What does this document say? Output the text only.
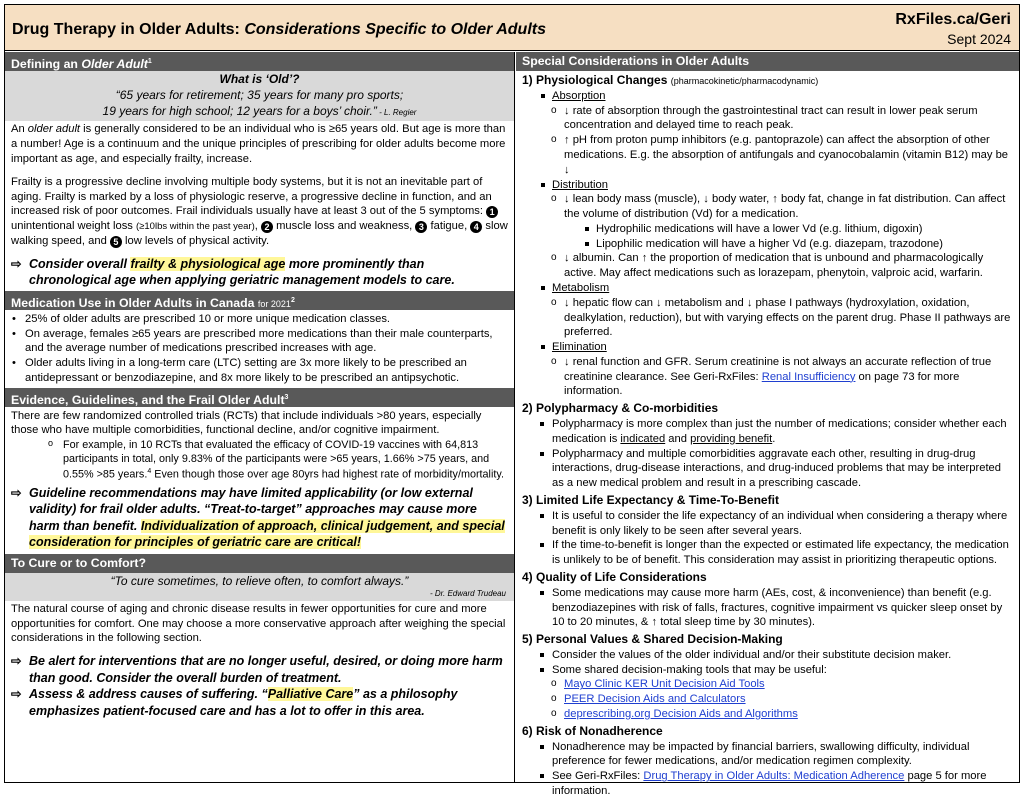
Drug Therapy in Older Adults: Considerations Specific to Older Adults
RxFiles.ca/Geri
Sept 2024
Defining an Older Adult$^1$
What is ‘Old’?
“65 years for retirement; 35 years for many pro sports;
19 years for high school; 12 years for a boys’ choir.” - L. Regier
An older adult is generally considered to be an individual who is ≥65 years old. But age is more than a number! Age is a continuum and the unique principles of prescribing for older adults become more important as age, and especially frailty, increase.
Frailty is a progressive decline involving multiple body systems, but it is not an inevitable part of aging. Frailty is marked by a loss of physiologic reserve, a progressive decline in function, and an increased risk of poor outcomes. Frail individuals usually have at least 3 out of the 5 symptoms: 1 unintentional weight loss (≥10lbs within the past year), 2 muscle loss and weakness, 3 fatigue, 4 slow walking speed, and 5 low levels of physical activity.
⇨ Consider overall frailty & physiological age more prominently than chronological age when applying geriatric management models to care.
Medication Use in Older Adults in Canada for 2021$^2$
• 25% of older adults are prescribed 10 or more unique medication classes.
• On average, females ≥65 years are prescribed more medications than their male counterparts, and the average number of medications prescribed increases with age.
• Older adults living in a long-term care (LTC) setting are 3x more likely to be prescribed an antidepressant or benzodiazepine, and 8x more likely to be prescribed an antipsychotic.
Evidence, Guidelines, and the Frail Older Adult$^3$
There are few randomized controlled trials (RCTs) that include individuals >80 years, especially those who have multiple comorbidities, functional decline, and/or cognitive impairment.
o For example, in 10 RCTs that evaluated the efficacy of COVID-19 vaccines with 64,813 participants in total, only 9.83% of the participants were >65 years, 1.66% >75 years, and 0.55% >85 years.$^4$ Even though those over age 80yrs had highest rate of morbidity/mortality.
⇨ Guideline recommendations may have limited applicability (or low external validity) for frail older adults. “Treat-to-target” approaches may cause more harm than benefit. Individualization of approach, clinical judgement, and special consideration for principles of geriatric care are critical!
To Cure or to Comfort?
“To cure sometimes, to relieve often, to comfort always.”
- Dr. Edward Trudeau
The natural course of aging and chronic disease results in fewer opportunities for cure and more opportunities for comfort. One may choose a more conservative approach after weighing the special considerations in the following section.
⇨ Be alert for interventions that are no longer useful, desired, or doing more harm than good. Consider the overall burden of treatment.
⇨ Assess & address causes of suffering. “Palliative Care” as a philosophy emphasizes patient-focused care and has a lot to offer in this area.
Special Considerations in Older Adults
1) Physiological Changes (pharmacokinetic/pharmacodynamic)
Absorption
o ↓ rate of absorption through the gastrointestinal tract can result in lower peak serum concentration and delayed time to reach peak.
o ↑ pH from proton pump inhibitors (e.g. pantoprazole) can affect the absorption of other medications. E.g. the absorption of antifungals and cyanocobalamin (vitamin B12) may be ↓
Distribution
o ↓ lean body mass (muscle), ↓ body water, ↑ body fat, change in fat distribution. Can affect the volume of distribution (Vd) for a medication.
Hydrophilic medications will have a lower Vd (e.g. lithium, digoxin)
Lipophilic medication will have a higher Vd (e.g. diazepam, trazodone)
o ↓ albumin. Can ↑ the proportion of medication that is unbound and pharmacologically active. May affect medications such as lorazepam, phenytoin, valproic acid, warfarin.
Metabolism
o ↓ hepatic flow can ↓ metabolism and ↓ phase I pathways (hydroxylation, oxidation, dealkylation, reduction), but with varying effects on the parent drug. Phase II pathways are preferred.
Elimination
o ↓ renal function and GFR. Serum creatinine is not always an accurate reflection of true creatinine clearance. See Geri-RxFiles: Renal Insufficiency on page 73 for more information.
2) Polypharmacy & Co-morbidities
Polypharmacy is more complex than just the number of medications; consider whether each medication is indicated and providing benefit.
Polypharmacy and multiple comorbidities aggravate each other, resulting in drug-drug interactions, drug-disease interactions, and drug-induced problems that may be interpreted as a new medical problem and result in a prescribing cascade.
3) Limited Life Expectancy & Time-To-Benefit
It is useful to consider the life expectancy of an individual when considering a therapy where benefit is only likely to be seen after several years.
If the time-to-benefit is longer than the expected or estimated life expectancy, the medication is unlikely to be of benefit. This consideration may assist in prioritizing therapeutic options.
4) Quality of Life Considerations
Some medications may cause more harm (AEs, cost, & inconvenience) than benefit (e.g. benzodiazepines with risk of falls, fractures, cognitive impairment vs quicker sleep onset by 10 to 20 minutes, & ↑ total sleep time by 30 minutes).
5) Personal Values & Shared Decision-Making
Consider the values of the older individual and/or their substitute decision maker.
Some shared decision-making tools that may be useful:
o Mayo Clinic KER Unit Decision Aid Tools
o PEER Decision Aids and Calculators
o deprescribing.org Decision Aids and Algorithms
6) Risk of Nonadherence
Nonadherence may be impacted by financial barriers, swallowing difficulty, individual preference for fewer medications, and/or medication regimen complexity.
See Geri-RxFiles: Drug Therapy in Older Adults: Medication Adherence page 5 for more information.
